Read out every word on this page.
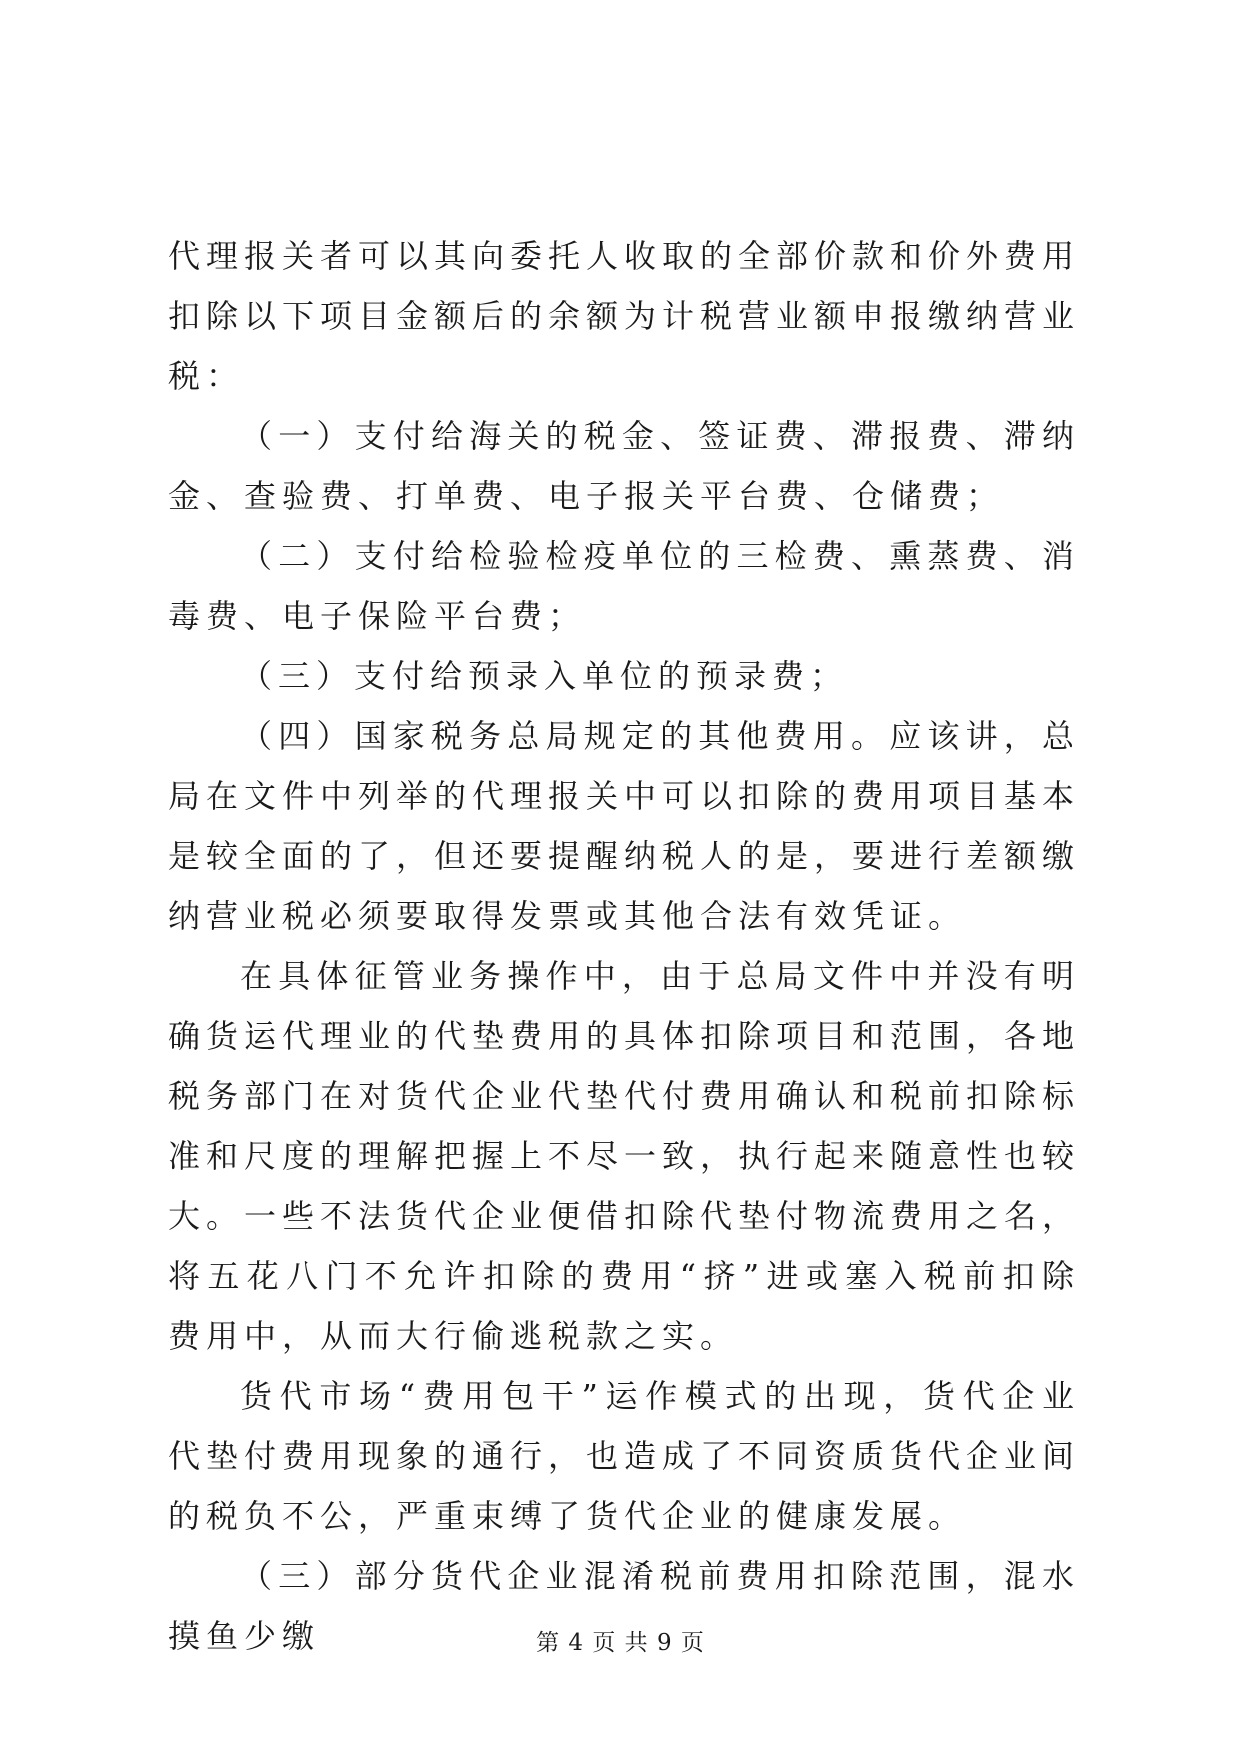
代理报关者可以其向委托人收取的全部价款和价外费用扣除以下项目金额后的余额为计税营业额申报缴纳营业税：

（一）支付给海关的税金、签证费、滞报费、滞纳金、查验费、打单费、电子报关平台费、仓储费；

（二）支付给检验检疫单位的三检费、熏蒸费、消毒费、电子保险平台费；

（三）支付给预录入单位的预录费；

（四）国家税务总局规定的其他费用。应该讲，总局在文件中列举的代理报关中可以扣除的费用项目基本是较全面的了，但还要提醒纳税人的是，要进行差额缴纳营业税必须要取得发票或其他合法有效凭证。

在具体征管业务操作中，由于总局文件中并没有明确货运代理业的代垫费用的具体扣除项目和范围，各地税务部门在对货代企业代垫代付费用确认和税前扣除标准和尺度的理解把握上不尽一致，执行起来随意性也较大。一些不法货代企业便借扣除代垫付物流费用之名，将五花八门不允许扣除的费用“挤”进或塞入税前扣除费用中，从而大行偷逃税款之实。

货代市场“费用包干”运作模式的出现，货代企业代垫付费用现象的通行，也造成了不同资质货代企业间的税负不公，严重束缚了货代企业的健康发展。

（三）部分货代企业混淆税前费用扣除范围，混水摸鱼少缴	第 4 页 共 9 页
